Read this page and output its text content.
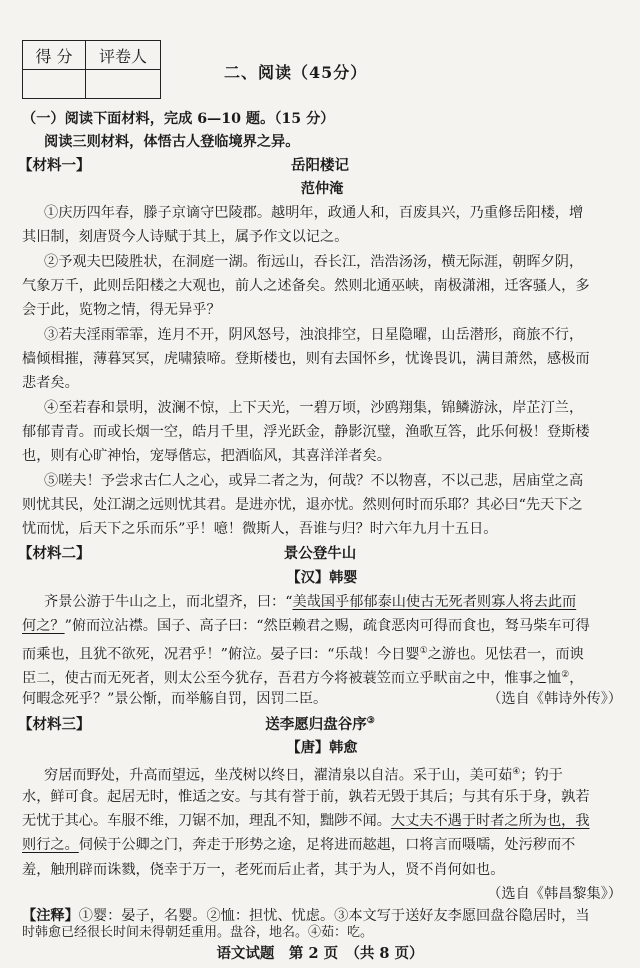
得 分	评卷人

二、阅读（45分）
（一）阅读下面材料，完成 6—10 题。（15 分）
阅读三则材料，体悟古人登临境界之异。
岳阳楼记
【材料一】
范仲淹
①庆历四年春，滕子京谪守巴陵郡。越明年，政通人和，百废具兴，乃重修岳阳楼，增
其旧制，刻唐贤今人诗赋于其上，属予作文以记之。
②予观夫巴陵胜状，在洞庭一湖。衔远山，吞长江，浩浩汤汤，横无际涯，朝晖夕阴，
气象万千，此则岳阳楼之大观也，前人之述备矣。然则北通巫峡，南极潇湘，迁客骚人，多
会于此，览物之情，得无异乎？
③若夫淫雨霏霏，连月不开，阴风怒号，浊浪排空，日星隐曜，山岳潜形，商旅不行，
樯倾楫摧，薄暮冥冥，虎啸猿啼。登斯楼也，则有去国怀乡，忧谗畏讥，满目萧然，感极而
悲者矣。
④至若春和景明，波澜不惊，上下天光，一碧万顷，沙鸥翔集，锦鳞游泳，岸芷汀兰，
郁郁青青。而或长烟一空，皓月千里，浮光跃金，静影沉璧，渔歌互答，此乐何极！登斯楼
也，则有心旷神怡，宠辱偕忘，把酒临风，其喜洋洋者矣。
⑤嗟夫！予尝求古仁人之心，或异二者之为，何哉？不以物喜，不以己悲，居庙堂之高
则忧其民，处江湖之远则忧其君。是进亦忧，退亦忧。然则何时而乐耶？其必曰“先天下之
忧而忧，后天下之乐而乐”乎！噫！微斯人，吾谁与归？时六年九月十五日。
景公登牛山
【材料二】
【汉】韩婴
齐景公游于牛山之上，而北望齐，曰：“美哉国乎郁郁泰山使古无死者则寡人将去此而
何之？”俯而泣沾襟。国子、高子曰：“然臣赖君之赐，疏食恶肉可得而食也，驽马柴车可得
而乘也，且犹不欲死，况君乎！”俯泣。晏子曰：“乐哉！今日婴①之游也。见怯君一，而谀
臣二，使古而无死者，则太公至今犹存，吾君方今将被蓑笠而立乎畎亩之中，惟事之恤②，
何暇念死乎？”景公惭，而举觞自罚，因罚二臣。	（选自《韩诗外传》）
送李愿归盘谷序③
【材料三】
【唐】韩愈
穷居而野处，升高而望远，坐茂树以终日，濯清泉以自洁。采于山，美可茹④；钓于
水，鲜可食。起居无时，惟适之安。与其有誉于前，孰若无毁于其后；与其有乐于身，孰若
无忧于其心。车服不维，刀锯不加，理乱不知，黜陟不闻。大丈夫不遇于时者之所为也，我
则行之。伺候于公卿之门，奔走于形势之途，足将进而趑趄，口将言而嗫嚅，处污秽而不
羞，触刑辟而诛戮，侥幸于万一，老死而后止者，其于为人，贤不肖何如也。
（选自《韩昌黎集》）
【注释】①婴：晏子，名婴。②恤：担忧、忧虑。③本文写于送好友李愿回盘谷隐居时，当
语文试题　第 2 页　（共 8 页）
时韩愈已经很长时间未得朝廷重用。盘谷，地名。④茹：吃。
